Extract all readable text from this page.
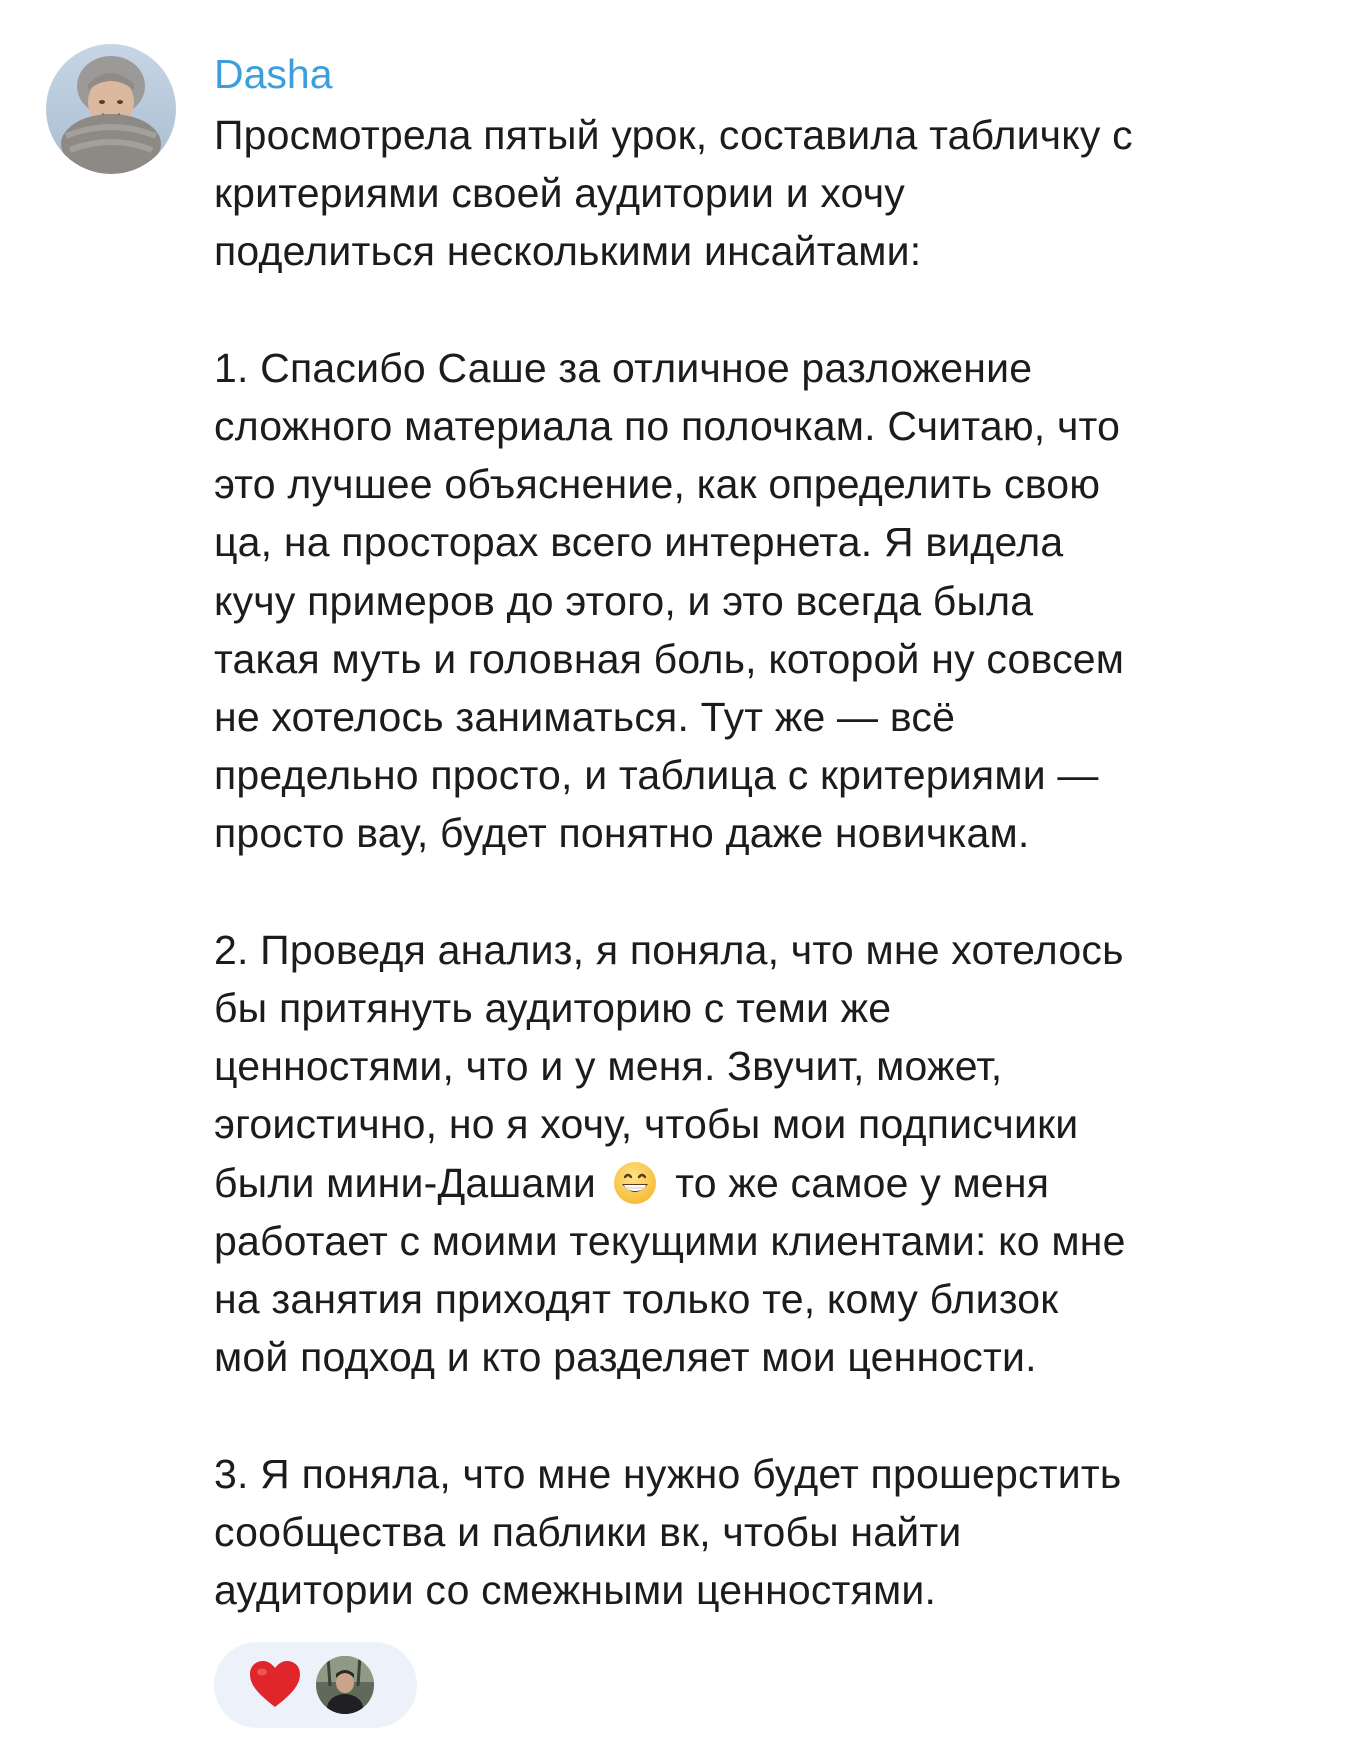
Dasha

Просмотрела пятый урок, составила табличку с

критериями своей аудитории и хочу

поделиться несколькими инсайтами:

1. Спасибо Саше за отличное разложение

сложного материала по полочкам. Считаю, что

это лучшее объяснение, как определить свою

ца, на просторах всего интернета. Я видела

кучу примеров до этого, и это всегда была

такая муть и головная боль, которой ну совсем

не хотелось заниматься. Тут же — всё

предельно просто, и таблица с критериями —

просто вау, будет понятно даже новичкам.

2. Проведя анализ, я поняла, что мне хотелось

бы притянуть аудиторию с теми же

ценностями, что и у меня. Звучит, может,

эгоистично, но я хочу, чтобы мои подписчики

были мини-Дашами то же самое у меня

работает с моими текущими клиентами: ко мне

на занятия приходят только те, кому близок

мой подход и кто разделяет мои ценности.

3. Я поняла, что мне нужно будет прошерстить

сообщества и паблики вк, чтобы найти

аудитории со смежными ценностями.
